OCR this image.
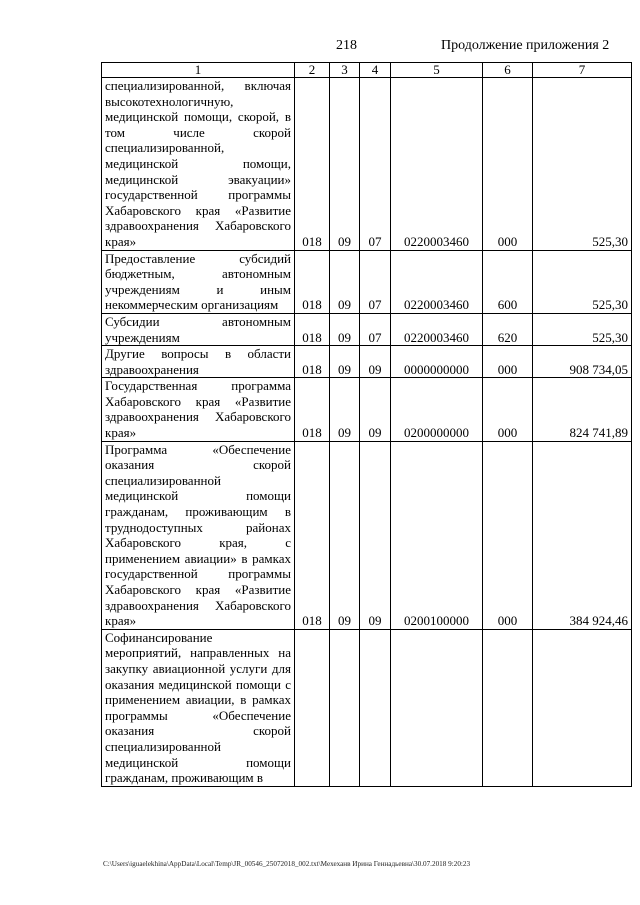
218	Продолжение приложения 2
1	2	3	4	5	6	7
специализированной, включая высокотехнологичную, медицинской помощи, скорой, в том числе скорой специализированной, медицинской помощи, медицинской эвакуации» государственной программы Хабаровского края «Развитие здравоохранения Хабаровского края»	018	09	07	0220003460	000	525,30
Предоставление субсидий бюджетным, автономным учреждениям и иным некоммерческим организациям	018	09	07	0220003460	600	525,30
Субсидии автономным учреждениям	018	09	07	0220003460	620	525,30
Другие вопросы в области здравоохранения	018	09	09	0000000000	000	908 734,05
Государственная программа Хабаровского края «Развитие здравоохранения Хабаровского края»	018	09	09	0200000000	000	824 741,89
Программа «Обеспечение оказания скорой специализированной медицинской помощи гражданам, проживающим в труднодоступных районах Хабаровского края, с применением авиации» в рамках государственной программы Хабаровского края «Развитие здравоохранения Хабаровского края»	018	09	09	0200100000	000	384 924,46
Софинансирование мероприятий, направленных на закупку авиационной услуги для оказания медицинской помощи с применением авиации, в рамках программы «Обеспечение оказания скорой специализированной медицинской помощи гражданам, проживающим в						
C:\Users\iguaelekhina\AppData\Local\Temp\JR_00546_25072018_002.txt\Мехеханв Ирина Геннадьевна\30.07.2018 9:20:23
